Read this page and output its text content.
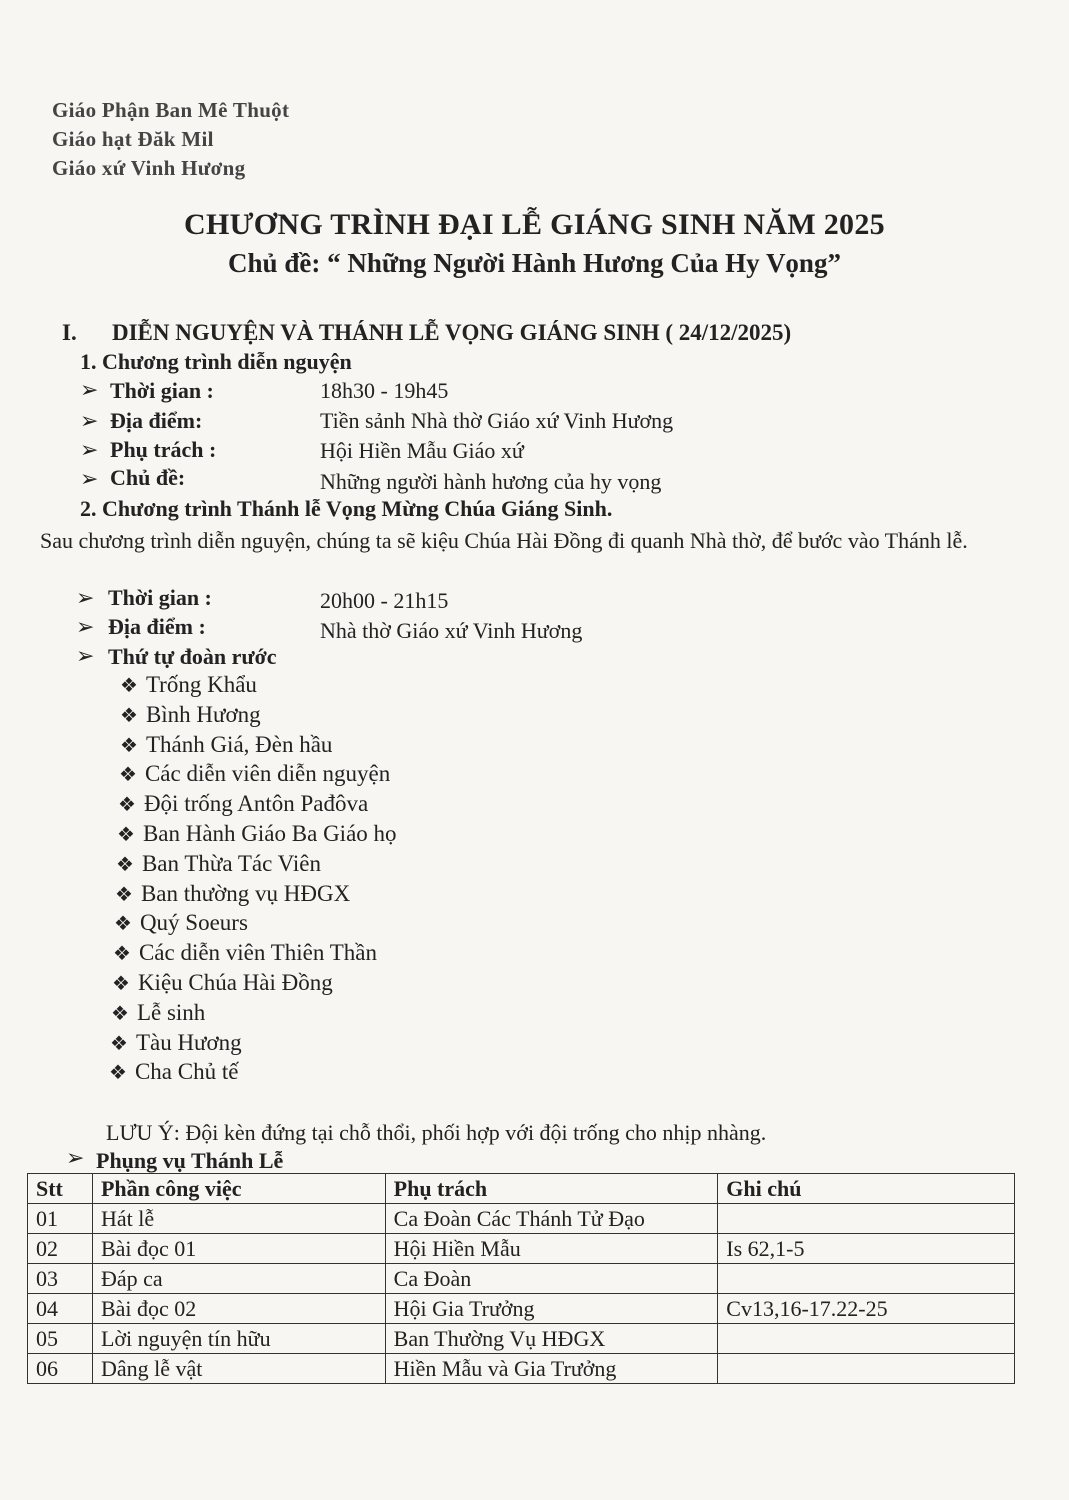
Giáo Phận Ban Mê Thuột
Giáo hạt Đăk Mil
Giáo xứ Vinh Hương
CHƯƠNG TRÌNH ĐẠI LỄ GIÁNG SINH NĂM 2025
Chủ đề: “ Những Người Hành Hương Của Hy Vọng”
I. DIỄN NGUYỆN VÀ THÁNH LỄ VỌNG GIÁNG SINH ( 24/12/2025)
1. Chương trình diễn nguyện
➢ Thời gian :	18h30 - 19h45
➢ Địa điểm:	Tiền sảnh Nhà thờ Giáo xứ Vinh Hương
➢ Phụ trách :	Hội Hiền Mẫu Giáo xứ
➢ Chủ đề:	Những người hành hương của hy vọng
2. Chương trình Thánh lễ Vọng Mừng Chúa Giáng Sinh.
Sau chương trình diễn nguyện, chúng ta sẽ kiệu Chúa Hài Đồng đi quanh Nhà thờ, để bước vào Thánh lễ.
➢ Thời gian :	20h00 - 21h15
➢ Địa điểm :	Nhà thờ Giáo xứ Vinh Hương
➢ Thứ tự đoàn rước
❖ Trống Khẩu
❖ Bình Hương
❖ Thánh Giá, Đèn hầu
❖ Các diễn viên diễn nguyện
❖ Đội trống Antôn Pađôva
❖ Ban Hành Giáo Ba Giáo họ
❖ Ban Thừa Tác Viên
❖ Ban thường vụ HĐGX
❖ Quý Soeurs
❖ Các diễn viên Thiên Thần
❖ Kiệu Chúa Hài Đồng
❖ Lễ sinh
❖ Tàu Hương
❖ Cha Chủ tế
LƯU Ý: Đội kèn đứng tại chỗ thổi, phối hợp với đội trống cho nhịp nhàng.
➢ Phụng vụ Thánh Lễ
Stt	Phần công việc	Phụ trách	Ghi chú
01	Hát lễ	Ca Đoàn Các Thánh Tử Đạo	
02	Bài đọc 01	Hội Hiền Mẫu	Is 62,1-5
03	Đáp ca	Ca Đoàn	
04	Bài đọc 02	Hội Gia Trưởng	Cv13,16-17.22-25
05	Lời nguyện tín hữu	Ban Thường Vụ HĐGX	
06	Dâng lễ vật	Hiền Mẫu và Gia Trưởng	
